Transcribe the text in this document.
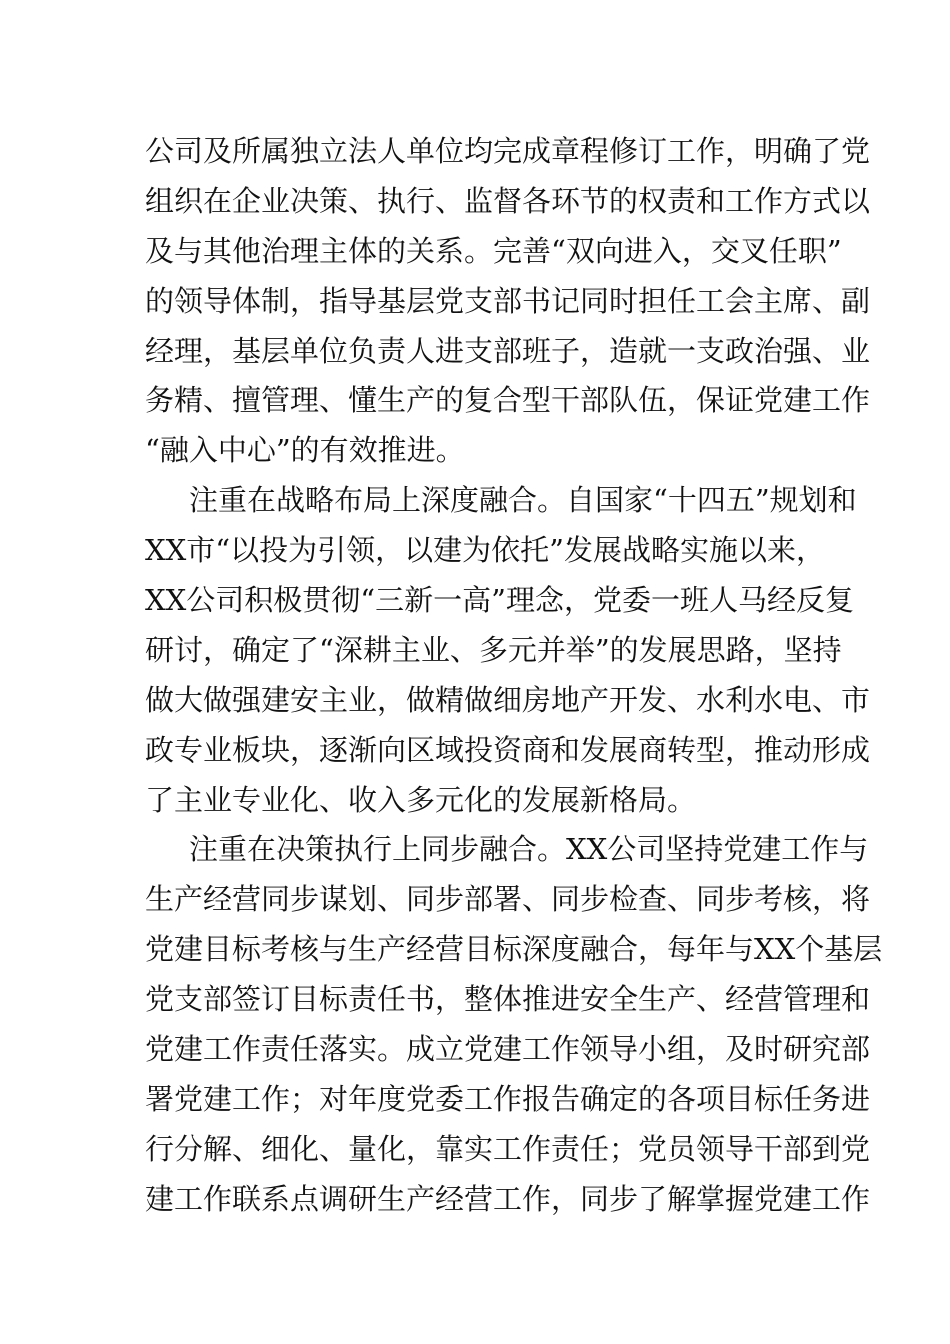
公司及所属独立法人单位均完成章程修订工作，明确了党
组织在企业决策、执行、监督各环节的权责和工作方式以
及与其他治理主体的关系。完善“双向进入，交叉任职”
的领导体制，指导基层党支部书记同时担任工会主席、副
经理，基层单位负责人进支部班子，造就一支政治强、业
务精、擅管理、懂生产的复合型干部队伍，保证党建工作
“融入中心”的有效推进。
注重在战略布局上深度融合。自国家“十四五”规划和
XX市“以投为引领，以建为依托”发展战略实施以来，
XX公司积极贯彻“三新一高”理念，党委一班人马经反复
研讨，确定了“深耕主业、多元并举”的发展思路，坚持
做大做强建安主业，做精做细房地产开发、水利水电、市
政专业板块，逐渐向区域投资商和发展商转型，推动形成
了主业专业化、收入多元化的发展新格局。
注重在决策执行上同步融合。XX公司坚持党建工作与
生产经营同步谋划、同步部署、同步检查、同步考核，将
党建目标考核与生产经营目标深度融合，每年与XX个基层
党支部签订目标责任书，整体推进安全生产、经营管理和
党建工作责任落实。成立党建工作领导小组，及时研究部
署党建工作；对年度党委工作报告确定的各项目标任务进
行分解、细化、量化，靠实工作责任；党员领导干部到党
建工作联系点调研生产经营工作，同步了解掌握党建工作
